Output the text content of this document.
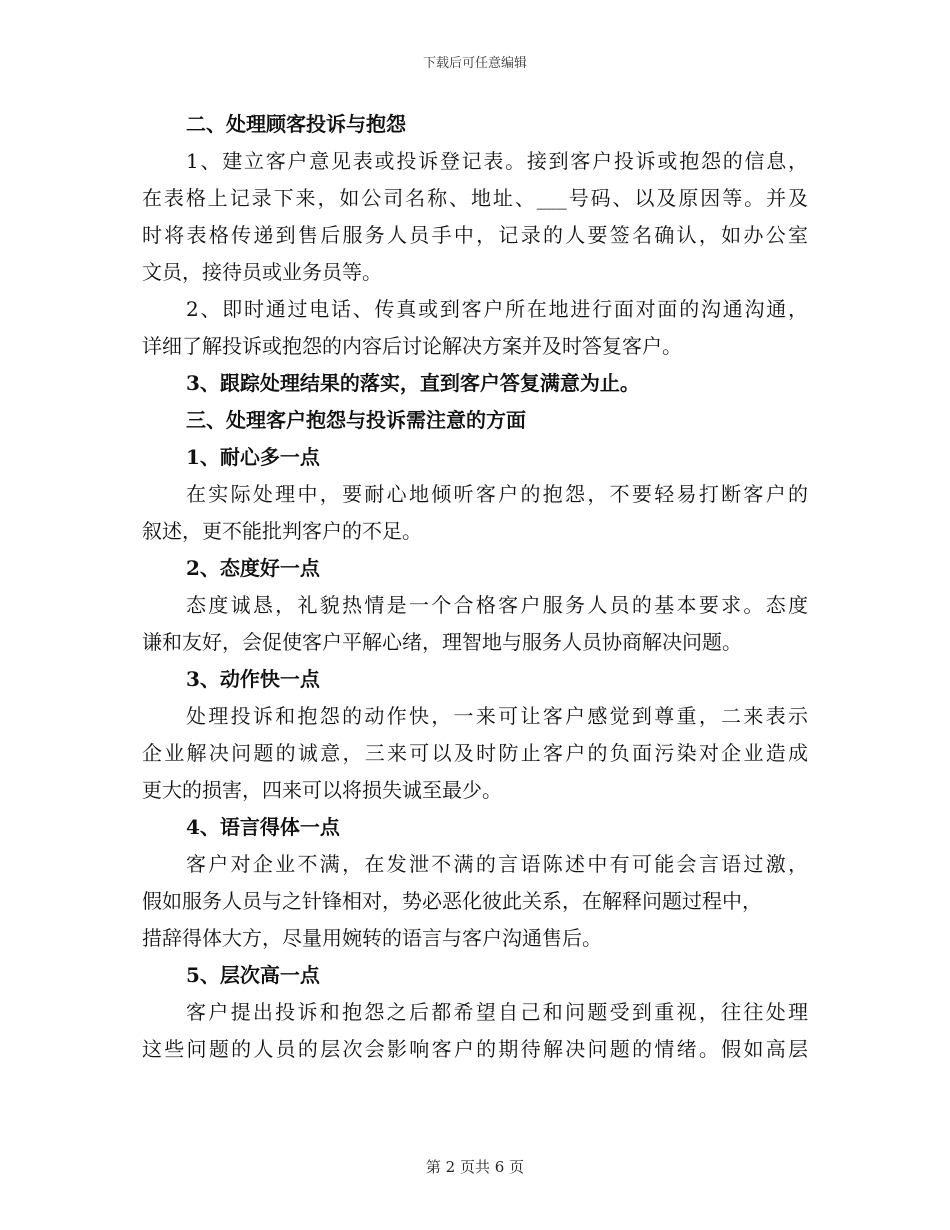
下载后可任意编辑
二、处理顾客投诉与抱怨
1、建立客户意见表或投诉登记表。接到客户投诉或抱怨的信息，
在表格上记录下来，如公司名称、地址、___号码、以及原因等。并及
时将表格传递到售后服务人员手中，记录的人要签名确认，如办公室
文员，接待员或业务员等。
2、即时通过电话、传真或到客户所在地进行面对面的沟通沟通，
详细了解投诉或抱怨的内容后讨论解决方案并及时答复客户。
3、跟踪处理结果的落实，直到客户答复满意为止。
三、处理客户抱怨与投诉需注意的方面
1、耐心多一点
在实际处理中，要耐心地倾听客户的抱怨，不要轻易打断客户的
叙述，更不能批判客户的不足。
2、态度好一点
态度诚恳，礼貌热情是一个合格客户服务人员的基本要求。态度
谦和友好，会促使客户平解心绪，理智地与服务人员协商解决问题。
3、动作快一点
处理投诉和抱怨的动作快，一来可让客户感觉到尊重，二来表示
企业解决问题的诚意，三来可以及时防止客户的负面污染对企业造成
更大的损害，四来可以将损失诚至最少。
4、语言得体一点
客户对企业不满，在发泄不满的言语陈述中有可能会言语过激，
假如服务人员与之针锋相对，势必恶化彼此关系，在解释问题过程中，
措辞得体大方，尽量用婉转的语言与客户沟通售后。
5、层次高一点
客户提出投诉和抱怨之后都希望自己和问题受到重视，往往处理
这些问题的人员的层次会影响客户的期待解决问题的情绪。假如高层
第 2 页共 6 页
